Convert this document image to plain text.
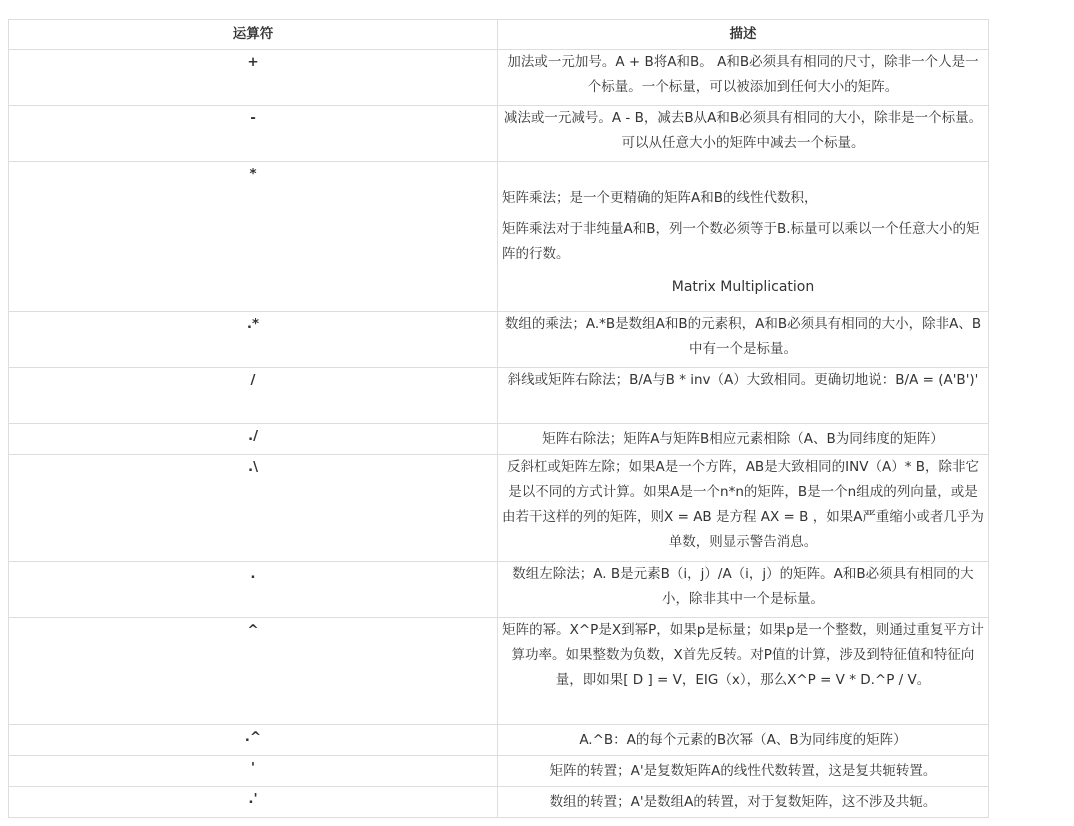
运算符	描述
+	加法或一元加号。A + B将A和B。 A和B必须具有相同的尺寸，除非一个人是一个标量。一个标量，可以被添加到任何大小的矩阵。
-	减法或一元减号。A - B，减去B从A和B必须具有相同的大小，除非是一个标量。可以从任意大小的矩阵中减去一个标量。
*	矩阵乘法；是一个更精确的矩阵A和B的线性代数积，

矩阵乘法对于非纯量A和B，列一个数必须等于B.标量可以乘以一个任意大小的矩阵的行数。

Matrix Multiplication

.*	数组的乘法；A.*B是数组A和B的元素积，A和B必须具有相同的大小，除非A、B中有一个是标量。
/	斜线或矩阵右除法；B/A与B * inv（A）大致相同。更确切地说：B/A = (A'B')'
./	矩阵右除法；矩阵A与矩阵B相应元素相除（A、B为同纬度的矩阵）
.\	反斜杠或矩阵左除；如果A是一个方阵，AB是大致相同的INV（A）* B，除非它是以不同的方式计算。如果A是一个n*n的矩阵，B是一个n组成的列向量，或是由若干这样的列的矩阵，则X = AB 是方程 AX = B ，如果A严重缩小或者几乎为单数，则显示警告消息。
.	数组左除法；A. B是元素B（i，j）/A（i，j）的矩阵。A和B必须具有相同的大小，除非其中一个是标量。
^	矩阵的幂。X^P是X到幂P，如果p是标量；如果p是一个整数，则通过重复平方计算功率。如果整数为负数，X首先反转。对P值的计算，涉及到特征值和特征向量，即如果[ D ] = V，EIG（x），那么X^P = V * D.^P / V。
.^	A.^B：A的每个元素的B次幂（A、B为同纬度的矩阵）
'	矩阵的转置；A'是复数矩阵A的线性代数转置，这是复共轭转置。
.'	数组的转置；A'是数组A的转置，对于复数矩阵，这不涉及共轭。
